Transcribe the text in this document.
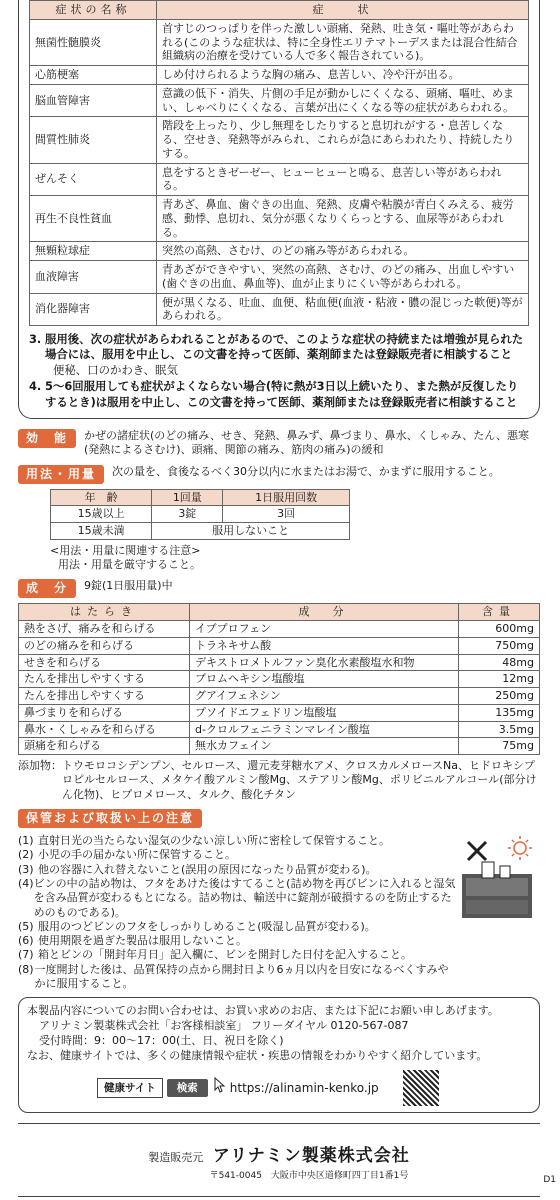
症状の名称	症　　状
無菌性髄膜炎	首すじのつっぱりを伴った激しい頭痛、発熱、吐き気・嘔吐等があらわれる(このような症状は、特に全身性エリテマトーデスまたは混合性結合組織病の治療を受けている人で多く報告されている)。
心筋梗塞	しめ付けられるような胸の痛み、息苦しい、冷や汗が出る。
脳血管障害	意識の低下・消失、片側の手足が動かしにくくなる、頭痛、嘔吐、めまい、しゃべりにくくなる、言葉が出にくくなる等の症状があらわれる。
間質性肺炎	階段を上ったり、少し無理をしたりすると息切れがする・息苦しくなる、空せき、発熱等がみられ、これらが急にあらわれたり、持続したりする。
ぜんそく	息をするときゼーゼー、ヒューヒューと鳴る、息苦しい等があらわれる。
再生不良性貧血	青あざ、鼻血、歯ぐきの出血、発熱、皮膚や粘膜が青白くみえる、疲労感、動悸、息切れ、気分が悪くなりくらっとする、血尿等があらわれる。
無顆粒球症	突然の高熱、さむけ、のどの痛み等があらわれる。
血液障害	青あざができやすい、突然の高熱、さむけ、のどの痛み、出血しやすい(歯ぐきの出血、鼻血等)、血が止まりにくい等があらわれる。
消化器障害	便が黒くなる、吐血、血便、粘血便(血液・粘液・膿の混じった軟便)等があらわれる。
3. 服用後、次の症状があらわれることがあるので、このような症状の持続または増強が見られた場合には、服用を中止し、この文書を持って医師、薬剤師または登録販売者に相談すること 便秘、口のかわき、眠気
4. 5〜6回服用しても症状がよくならない場合(特に熱が3日以上続いたり、また熱が反復したりするとき)は服用を中止し、この文書を持って医師、薬剤師または登録販売者に相談すること
効　能	かぜの諸症状(のどの痛み、せき、発熱、鼻みず、鼻づまり、鼻水、くしゃみ、たん、悪寒(発熱によるさむけ)、頭痛、関節の痛み、筋肉の痛み)の緩和
用法・用量	次の量を、食後なるべく30分以内に水またはお湯で、かまずに服用すること。
年　齢	1回量	1日服用回数
15歳以上	3錠	3回
15歳未満	服用しないこと	
<用法・用量に関連する注意>
用法・用量を厳守すること。
成　分	9錠(1日服用量)中
はたらき	成　分	含量
熱をさげ、痛みを和らげる	イブプロフェン	600mg
のどの痛みを和らげる	トラネキサム酸	750mg
せきを和らげる	デキストロメトルファン臭化水素酸塩水和物	48mg
たんを排出しやすくする	ブロムヘキシン塩酸塩	12mg
たんを排出しやすくする	グアイフェネシン	250mg
鼻づまりを和らげる	プソイドエフェドリン塩酸塩	135mg
鼻水・くしゃみを和らげる	d-クロルフェニラミンマレイン酸塩	3.5mg
頭痛を和らげる	無水カフェイン	75mg
添加物： トウモロコシデンプン、セルロース、還元麦芽糖水アメ、クロスカルメロースNa、ヒドロキシプロピルセルロース、メタケイ酸アルミン酸Mg、ステアリン酸Mg、ポリビニルアルコール(部分けん化物)、ヒプロメロース、タルク、酸化チタン
保管および取扱い上の注意
(1) 直射日光の当たらない湿気の少ない涼しい所に密栓して保管すること。
(2) 小児の手の届かない所に保管すること。
(3) 他の容器に入れ替えないこと(誤用の原因になったり品質が変わる)。
(4) ビンの中の詰め物は、フタをあけた後はすてること(詰め物を再びビンに入れると湿気を含み品質が変わるもとになる。詰め物は、輸送中に錠剤が破損するのを防止するためのものである)。
(5) 服用のつどビンのフタをしっかりしめること(吸湿し品質が変わる)。
(6) 使用期限を過ぎた製品は服用しないこと。
(7) 箱とビンの「開封年月日」記入欄に、ビンを開封した日付を記入すること。
(8) 一度開封した後は、品質保持の点から開封日より6ヵ月以内を目安になるべくすみやかに服用すること。
本製品内容についてのお問い合わせは、お買い求めのお店、または下記にお願い申しあげます。
アリナミン製薬株式会社「お客様相談室」 フリーダイヤル 0120-567-087
受付時間：9：00〜17：00(土、日、祝日を除く)
なお、健康サイトでは、多くの健康情報や症状・疾患の情報をわかりやすく紹介しています。
健康サイト	検索	https://alinamin-kenko.jp
製造販売元 アリナミン製薬株式会社
〒541-0045　大阪市中央区道修町四丁目1番1号	D1
